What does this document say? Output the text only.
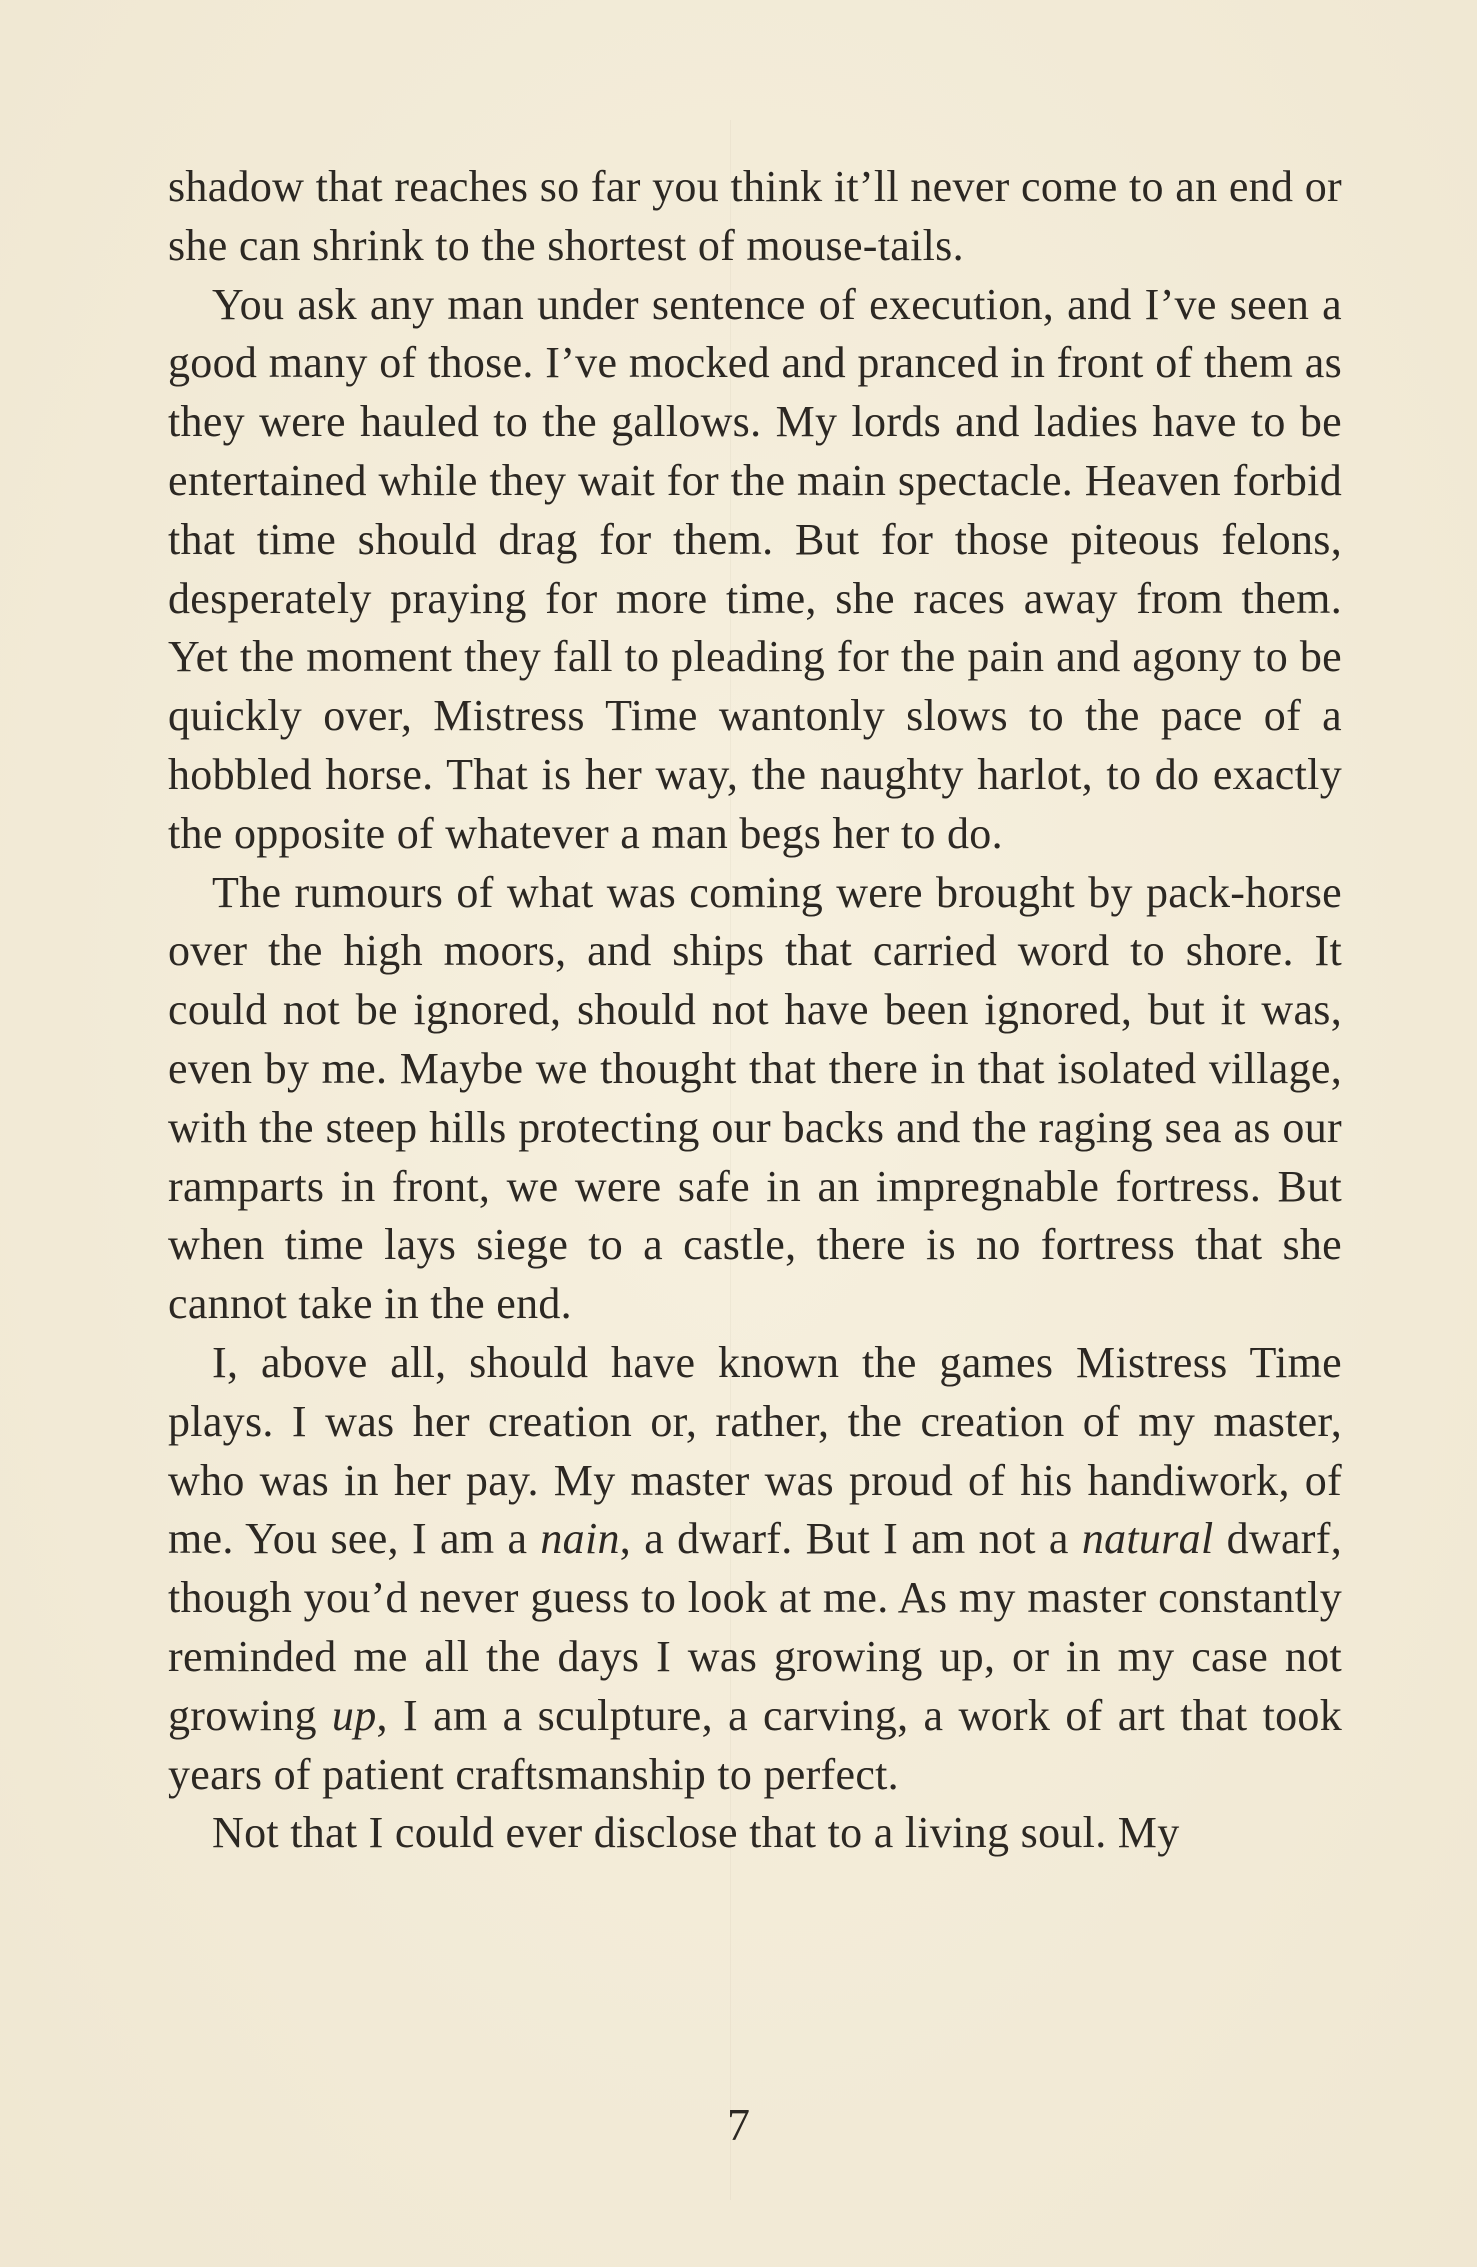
shadow that reaches so far you think it’ll never come to an end or she can shrink to the shortest of mouse-tails.

You ask any man under sentence of execution, and I’ve seen a good many of those. I’ve mocked and pranced in front of them as they were hauled to the gallows. My lords and ladies have to be entertained while they wait for the main spectacle. Heaven forbid that time should drag for them. But for those piteous felons, desperately praying for more time, she races away from them. Yet the moment they fall to pleading for the pain and agony to be quickly over, Mistress Time wantonly slows to the pace of a hobbled horse. That is her way, the naughty harlot, to do exactly the opposite of whatever a man begs her to do.

The rumours of what was coming were brought by pack-horse over the high moors, and ships that carried word to shore. It could not be ignored, should not have been ignored, but it was, even by me. Maybe we thought that there in that isolated village, with the steep hills protecting our backs and the raging sea as our ramparts in front, we were safe in an impregnable fortress. But when time lays siege to a castle, there is no fortress that she cannot take in the end.

I, above all, should have known the games Mistress Time plays. I was her creation or, rather, the creation of my master, who was in her pay. My master was proud of his handiwork, of me. You see, I am a nain, a dwarf. But I am not a natural dwarf, though you’d never guess to look at me. As my master constantly reminded me all the days I was growing up, or in my case not growing up, I am a sculpture, a carving, a work of art that took years of patient craftsmanship to perfect.

Not that I could ever disclose that to a living soul. My

7
